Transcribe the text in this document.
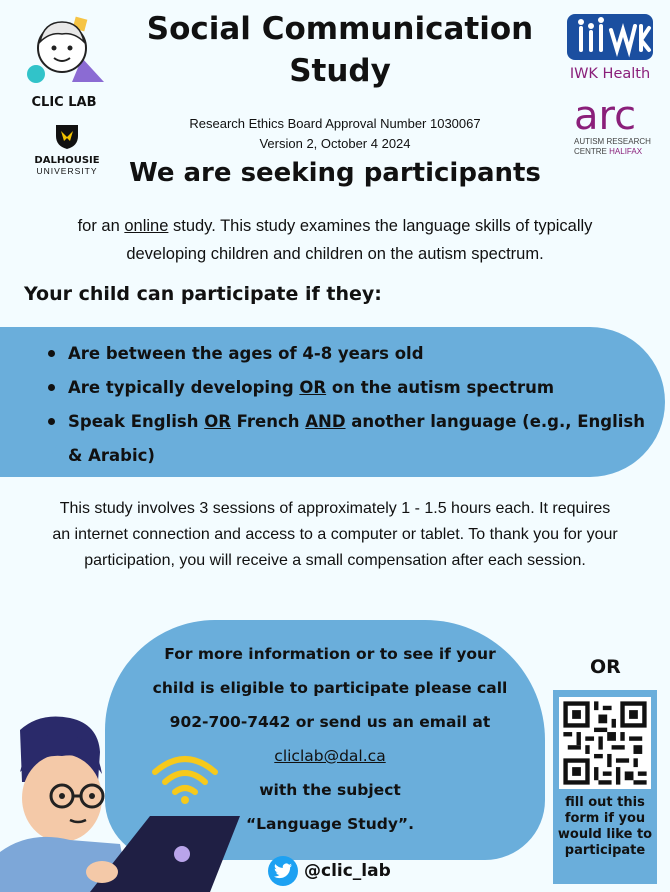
CLIC LAB
DALHOUSIE
UNIVERSITY
IWK Health
arc
AUTISM RESEARCH
CENTRE HALIFAX
Social Communication
Study
Research Ethics Board Approval Number 1030067
Version 2, October 4 2024
We are seeking participants
for an online study. This study examines the language skills of typically developing children and children on the autism spectrum.
Your child can participate if they:
Are between the ages of 4-8 years old
Are typically developing OR on the autism spectrum
Speak English OR French AND another language (e.g., English & Arabic)
This study involves 3 sessions of approximately 1 - 1.5 hours each. It requires an internet connection and access to a computer or tablet. To thank you for your participation, you will receive a small compensation after each session.
For more information or to see if your
child is eligible to participate please call
902-700-7442 or send us an email at
cliclab@dal.ca
with the subject
“Language Study”.
OR
fill out this form if you would like to participate
@clic_lab
